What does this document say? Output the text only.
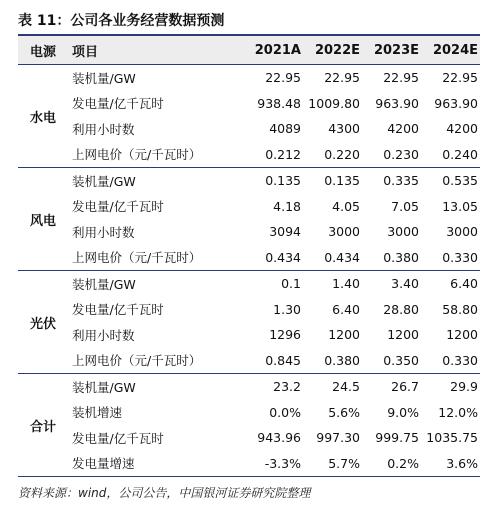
表 11：公司各业务经营数据预测
电源	项目	2021A	2022E	2023E	2024E
水电
装机量/GW	22.95	22.95	22.95	22.95
发电量/亿千瓦时	938.48 1009.80	963.90	963.90
利用小时数	4089	4300	4200	4200
上网电价（元/千瓦时）	0.212	0.220	0.230	0.240
风电
装机量/GW	0.135	0.135	0.335	0.535
发电量/亿千瓦时	4.18	4.05	7.05	13.05
利用小时数	3094	3000	3000	3000
上网电价（元/千瓦时）	0.434	0.434	0.380	0.330
光伏
装机量/GW	0.1	1.40	3.40	6.40
发电量/亿千瓦时	1.30	6.40	28.80	58.80
利用小时数	1296	1200	1200	1200
上网电价（元/千瓦时）	0.845	0.380	0.350	0.330
合计
装机量/GW	23.2	24.5	26.7	29.9
装机增速	0.0%	5.6%	9.0%	12.0%
发电量/亿千瓦时	943.96	997.30	999.75 1035.75
发电量增速	-3.3%	5.7%	0.2%	3.6%
资料来源：wind，公司公告，中国银河证券研究院整理
